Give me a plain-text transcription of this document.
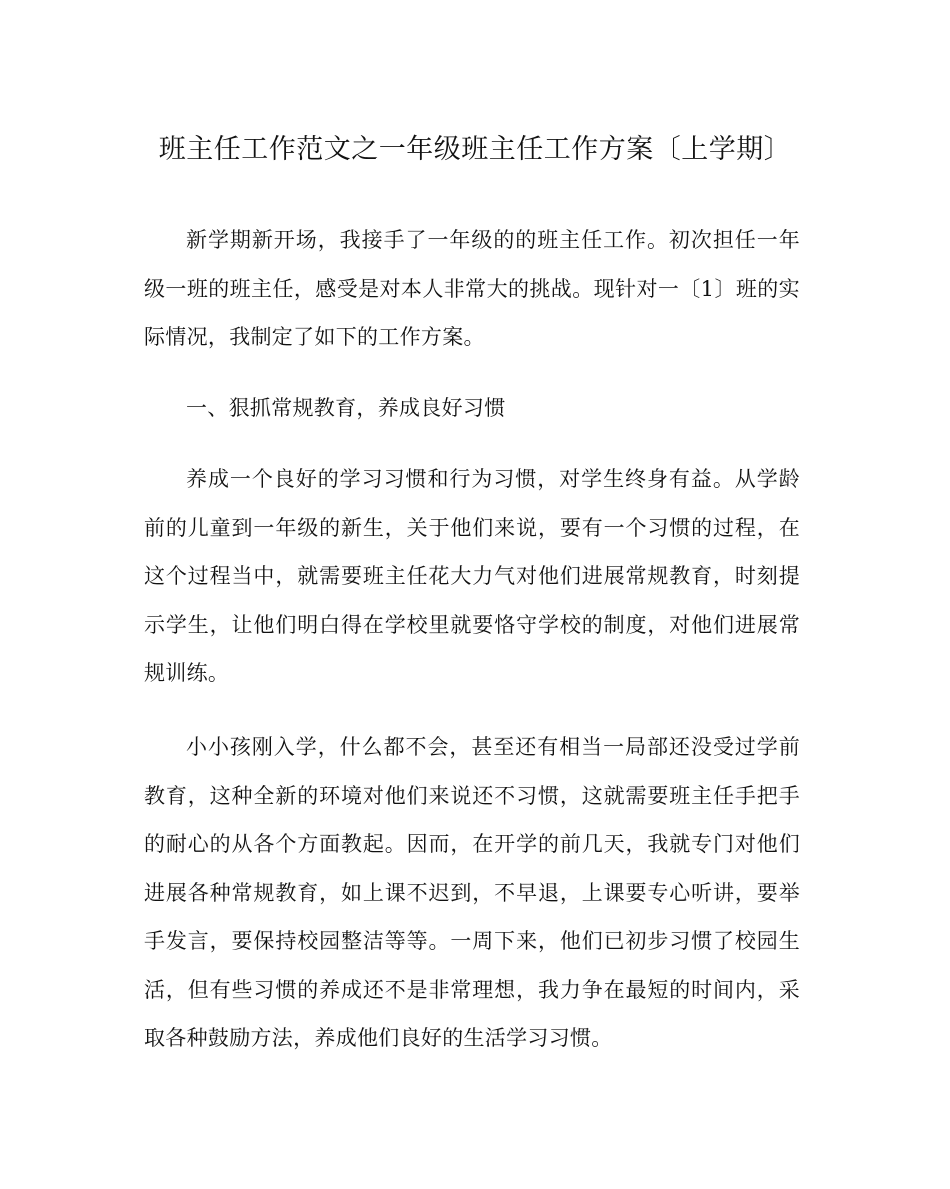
班主任工作范文之一年级班主任工作方案〔上学期〕

新学期新开场，我接手了一年级的的班主任工作。初次担任一年级一班的班主任，感受是对本人非常大的挑战。现针对一〔1〕班的实际情况，我制定了如下的工作方案。

一、狠抓常规教育，养成良好习惯

养成一个良好的学习习惯和行为习惯，对学生终身有益。从学龄前的儿童到一年级的新生，关于他们来说，要有一个习惯的过程，在这个过程当中，就需要班主任花大力气对他们进展常规教育，时刻提示学生，让他们明白得在学校里就要恪守学校的制度，对他们进展常规训练。

小小孩刚入学，什么都不会，甚至还有相当一局部还没受过学前教育，这种全新的环境对他们来说还不习惯，这就需要班主任手把手的耐心的从各个方面教起。因而，在开学的前几天，我就专门对他们进展各种常规教育，如上课不迟到，不早退，上课要专心听讲，要举手发言，要保持校园整洁等等。一周下来，他们已初步习惯了校园生活，但有些习惯的养成还不是非常理想，我力争在最短的时间内，采取各种鼓励方法，养成他们良好的生活学习习惯。
